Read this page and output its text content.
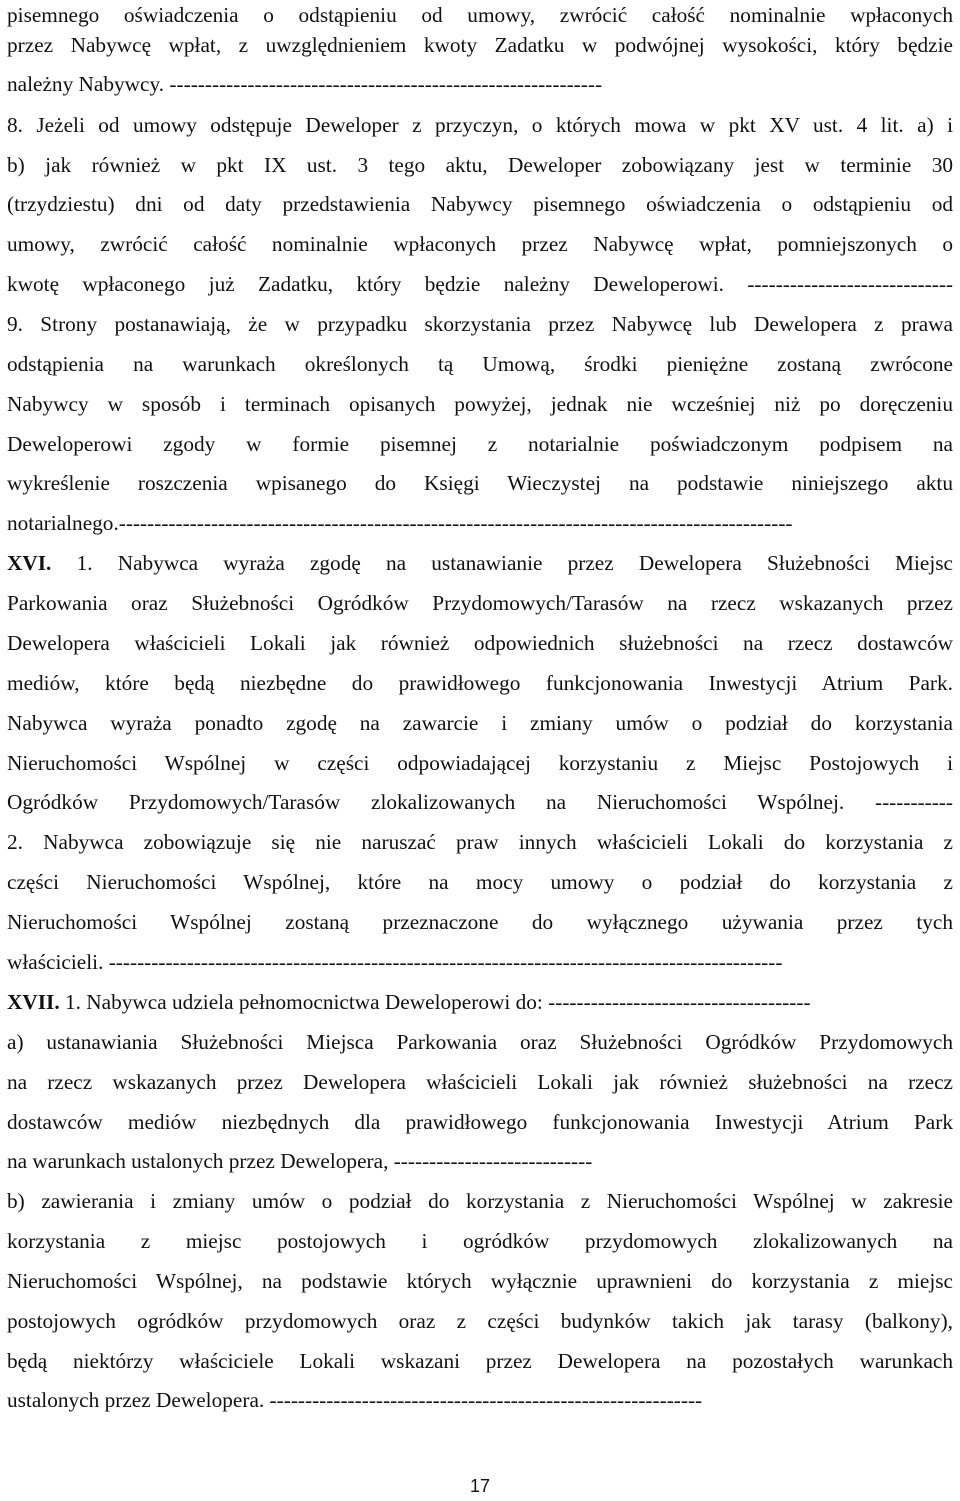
pisemnego oświadczenia o odstąpieniu od umowy, zwrócić całość nominalnie wpłaconych
przez Nabywcę wpłat, z uwzględnieniem kwoty Zadatku w podwójnej wysokości, który będzie
należny Nabywcy. -------------------------------------------------------------
8. Jeżeli od umowy odstępuje Deweloper z przyczyn, o których mowa w pkt XV ust. 4 lit. a) i
b) jak również w pkt IX ust. 3 tego aktu, Deweloper zobowiązany jest w terminie 30
(trzydziestu) dni od daty przedstawienia Nabywcy pisemnego oświadczenia o odstąpieniu od
umowy, zwrócić całość nominalnie wpłaconych przez Nabywcę wpłat, pomniejszonych o
kwotę wpłaconego już Zadatku, który będzie należny Deweloperowi. -----------------------------
9. Strony postanawiają, że w przypadku skorzystania przez Nabywcę lub Dewelopera z prawa
odstąpienia na warunkach określonych tą Umową, środki pieniężne zostaną zwrócone
Nabywcy w sposób i terminach opisanych powyżej, jednak nie wcześniej niż po doręczeniu
Deweloperowi zgody w formie pisemnej z notarialnie poświadczonym podpisem na
wykreślenie roszczenia wpisanego do Księgi Wieczystej na podstawie niniejszego aktu
notarialnego.-----------------------------------------------------------------------------------------------
XVI. 1. Nabywca wyraża zgodę na ustanawianie przez Dewelopera Służebności Miejsc
Parkowania oraz Służebności Ogródków Przydomowych/Tarasów na rzecz wskazanych przez
Dewelopera właścicieli Lokali jak również odpowiednich służebności na rzecz dostawców
mediów, które będą niezbędne do prawidłowego funkcjonowania Inwestycji Atrium Park.
Nabywca wyraża ponadto zgodę na zawarcie i zmiany umów o podział do korzystania
Nieruchomości Wspólnej w części odpowiadającej korzystaniu z Miejsc Postojowych i
Ogródków Przydomowych/Tarasów zlokalizowanych na Nieruchomości Wspólnej. -----------
2. Nabywca zobowiązuje się nie naruszać praw innych właścicieli Lokali do korzystania z
części Nieruchomości Wspólnej, które na mocy umowy o podział do korzystania z
Nieruchomości Wspólnej zostaną przeznaczone do wyłącznego używania przez tych
właścicieli. -----------------------------------------------------------------------------------------------
XVII. 1. Nabywca udziela pełnomocnictwa Deweloperowi do: -------------------------------------
a) ustanawiania Służebności Miejsca Parkowania oraz Służebności Ogródków Przydomowych
na rzecz wskazanych przez Dewelopera właścicieli Lokali jak również służebności na rzecz
dostawców mediów niezbędnych dla prawidłowego funkcjonowania Inwestycji Atrium Park
na warunkach ustalonych przez Dewelopera, ----------------------------
b) zawierania i zmiany umów o podział do korzystania z Nieruchomości Wspólnej w zakresie
korzystania z miejsc postojowych i ogródków przydomowych zlokalizowanych na
Nieruchomości Wspólnej, na podstawie których wyłącznie uprawnieni do korzystania z miejsc
postojowych ogródków przydomowych oraz z części budynków takich jak tarasy (balkony),
będą niektórzy właściciele Lokali wskazani przez Dewelopera na pozostałych warunkach
ustalonych przez Dewelopera. -------------------------------------------------------------
17
